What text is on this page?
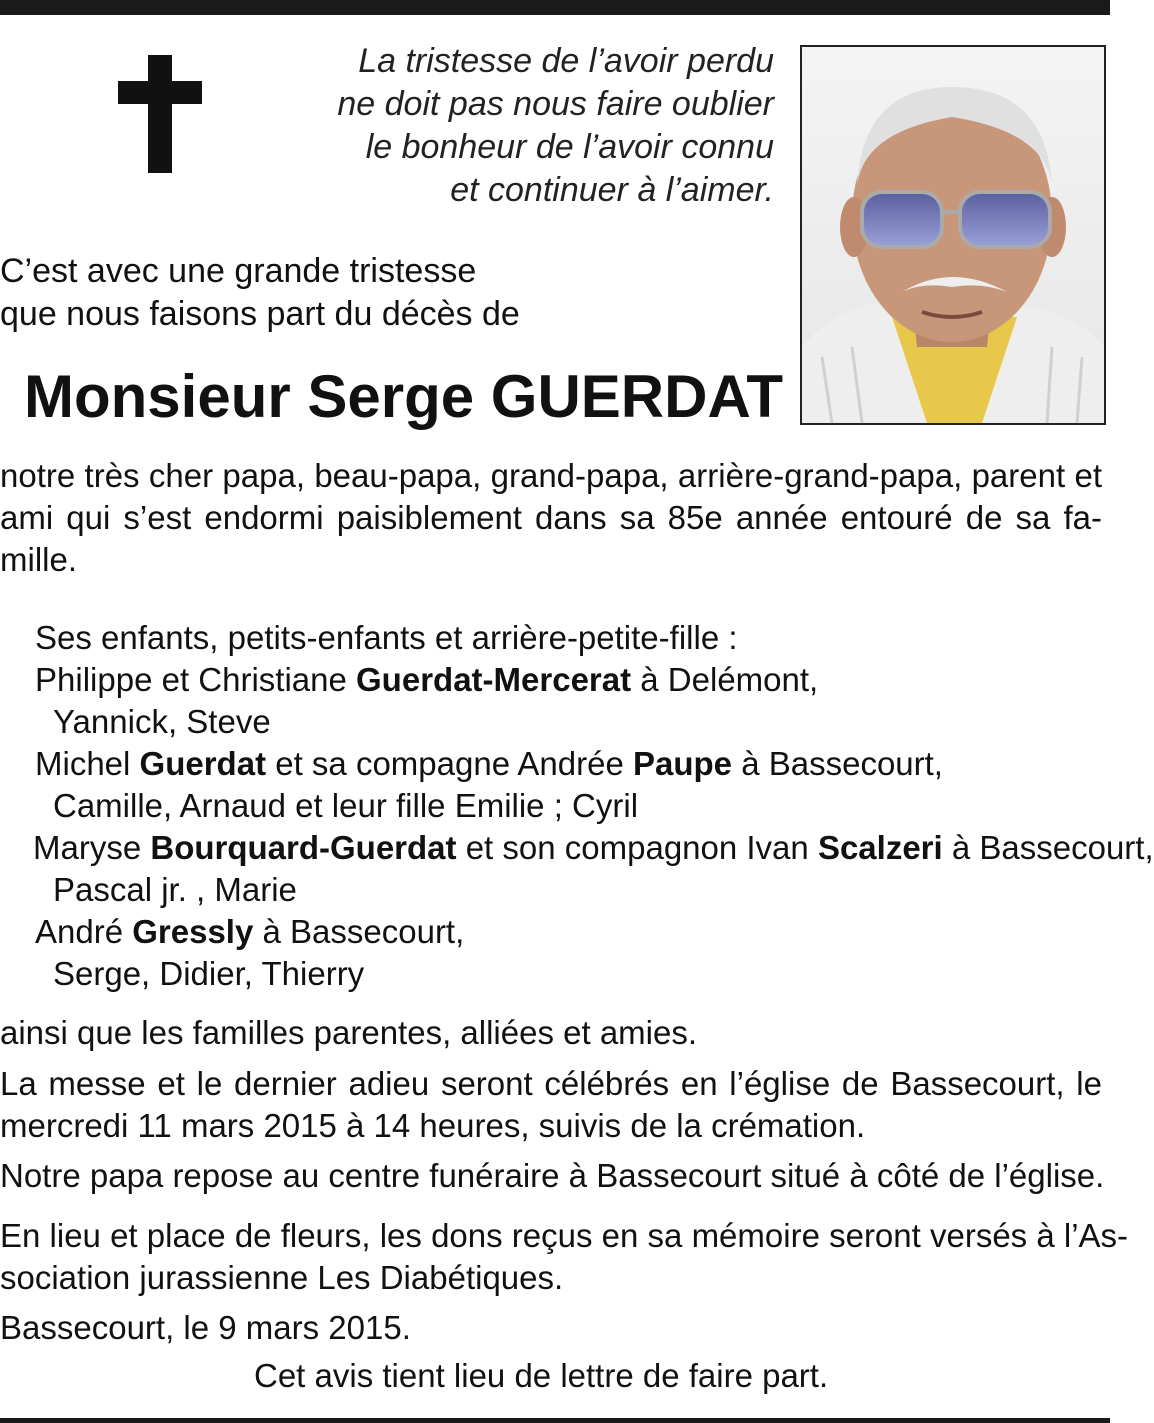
La tristesse de l’avoir perdu
ne doit pas nous faire oublier
le bonheur de l’avoir connu
et continuer à l’aimer.
C’est avec une grande tristesse
que nous faisons part du décès de
Monsieur Serge GUERDAT
notre très cher papa, beau-papa, grand-papa, arrière-grand-papa, parent et
ami qui s’est endormi paisiblement dans sa 85e année entouré de sa fa-
mille.
Ses enfants, petits-enfants et arrière-petite-fille :
Philippe et Christiane Guerdat-Mercerat à Delémont,
Yannick, Steve
Michel Guerdat et sa compagne Andrée Paupe à Bassecourt,
Camille, Arnaud et leur fille Emilie ; Cyril
Maryse Bourquard-Guerdat et son compagnon Ivan Scalzeri à Bassecourt,
Pascal jr. , Marie
André Gressly à Bassecourt,
Serge, Didier, Thierry
ainsi que les familles parentes, alliées et amies.
La messe et le dernier adieu seront célébrés en l’église de Bassecourt, le
mercredi 11 mars 2015 à 14 heures, suivis de la crémation.
Notre papa repose au centre funéraire à Bassecourt situé à côté de l’église.
En lieu et place de fleurs, les dons reçus en sa mémoire seront versés à l’As-
sociation jurassienne Les Diabétiques.
Bassecourt, le 9 mars 2015.
Cet avis tient lieu de lettre de faire part.
